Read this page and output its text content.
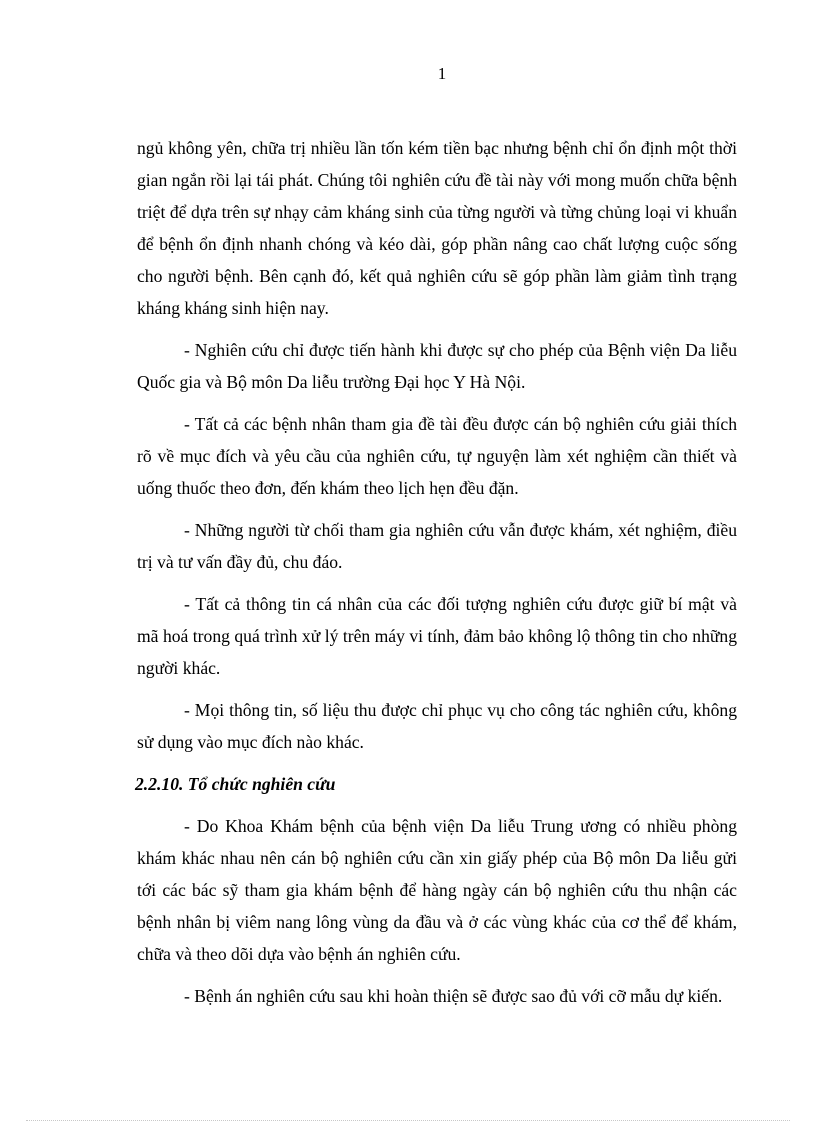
1

ngủ không yên, chữa trị nhiều lần tốn kém tiền bạc nhưng bệnh chỉ ổn định một thời gian ngắn rồi lại tái phát. Chúng tôi nghiên cứu đề tài này với mong muốn chữa bệnh triệt để dựa trên sự nhạy cảm kháng sinh của từng người và từng chủng loại vi khuẩn để bệnh ổn định nhanh chóng và kéo dài, góp phần nâng cao chất lượng cuộc sống cho người bệnh. Bên cạnh đó, kết quả nghiên cứu sẽ góp phần làm giảm tình trạng kháng kháng sinh hiện nay.

- Nghiên cứu chỉ được tiến hành khi được sự cho phép của Bệnh viện Da liễu Quốc gia và Bộ môn Da liễu trường Đại học Y Hà Nội.

- Tất cả các bệnh nhân tham gia đề tài đều được cán bộ nghiên cứu giải thích rõ về mục đích và yêu cầu của nghiên cứu, tự nguyện làm xét nghiệm cần thiết và uống thuốc theo đơn, đến khám theo lịch hẹn đều đặn.

- Những người từ chối tham gia nghiên cứu vẫn được khám, xét nghiệm, điều trị và tư vấn đầy đủ, chu đáo.

- Tất cả thông tin cá nhân của các đối tượng nghiên cứu được giữ bí mật và mã hoá trong quá trình xử lý trên máy vi tính, đảm bảo không lộ thông tin cho những người khác.

- Mọi thông tin, số liệu thu được chỉ phục vụ cho công tác nghiên cứu, không sử dụng vào mục đích nào khác.

2.2.10. Tổ chức nghiên cứu

- Do Khoa Khám bệnh của bệnh viện Da liễu Trung ương có nhiều phòng khám khác nhau nên cán bộ nghiên cứu cần xin giấy phép của Bộ môn Da liễu gửi tới các bác sỹ tham gia khám bệnh để hàng ngày cán bộ nghiên cứu thu nhận các bệnh nhân bị viêm nang lông vùng da đầu và ở các vùng khác của cơ thể để khám, chữa và theo dõi dựa vào bệnh án nghiên cứu.

- Bệnh án nghiên cứu sau khi hoàn thiện sẽ được sao đủ với cỡ mẫu dự kiến.
